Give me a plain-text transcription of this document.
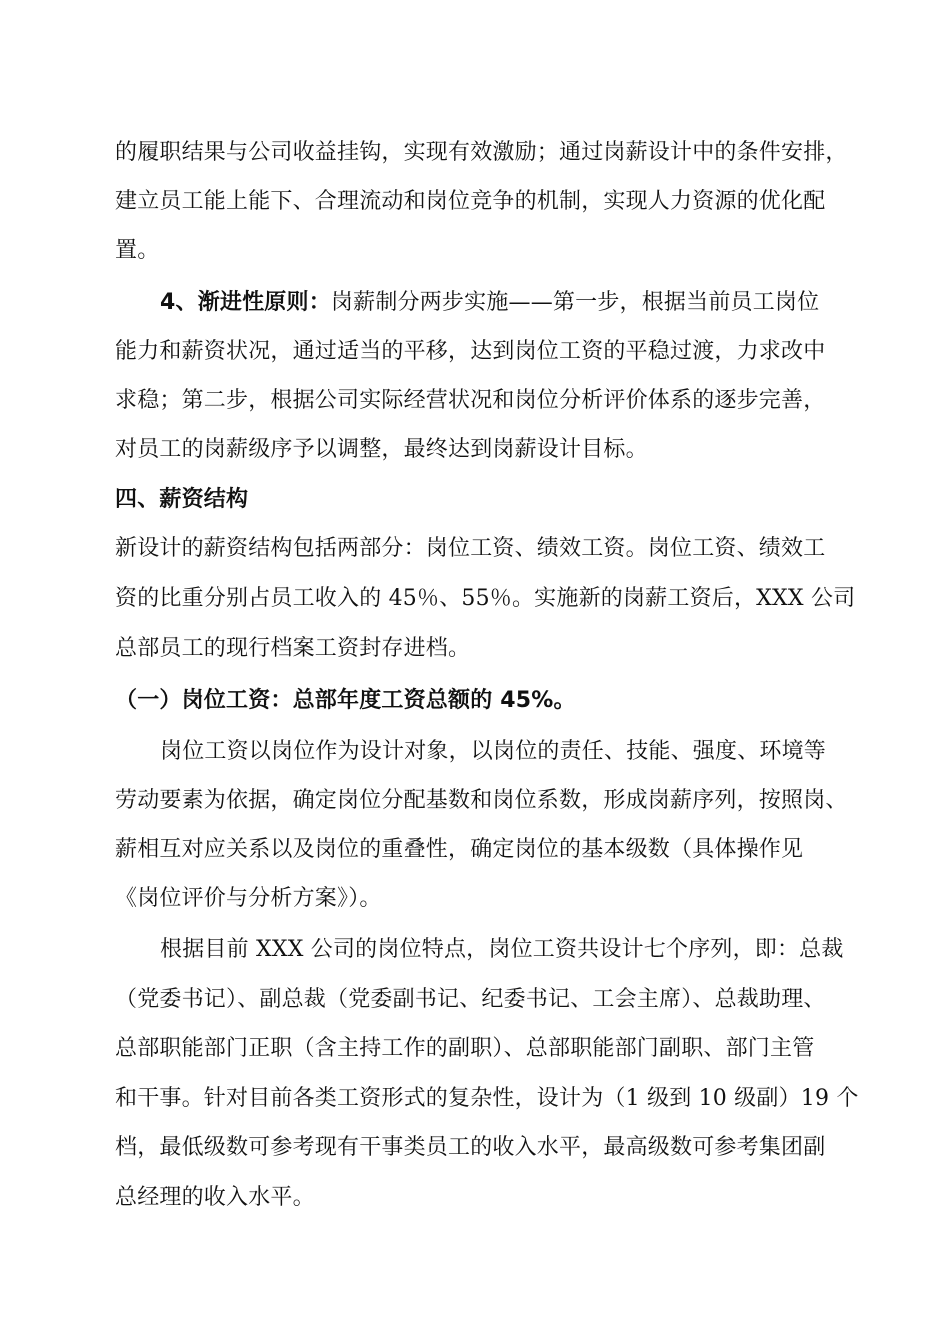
的履职结果与公司收益挂钩，实现有效激励；通过岗薪设计中的条件安排，
建立员工能上能下、合理流动和岗位竞争的机制，实现人力资源的优化配
置。
4、渐进性原则：岗薪制分两步实施——第一步，根据当前员工岗位
能力和薪资状况，通过适当的平移，达到岗位工资的平稳过渡，力求改中
求稳；第二步，根据公司实际经营状况和岗位分析评价体系的逐步完善，
对员工的岗薪级序予以调整，最终达到岗薪设计目标。
四、薪资结构
新设计的薪资结构包括两部分：岗位工资、绩效工资。岗位工资、绩效工
资的比重分别占员工收入的 45％、55％。实施新的岗薪工资后，XXX 公司
总部员工的现行档案工资封存进档。
（一）岗位工资：总部年度工资总额的 45%。
岗位工资以岗位作为设计对象，以岗位的责任、技能、强度、环境等
劳动要素为依据，确定岗位分配基数和岗位系数，形成岗薪序列，按照岗、
薪相互对应关系以及岗位的重叠性，确定岗位的基本级数（具体操作见
《岗位评价与分析方案》）。
根据目前 XXX 公司的岗位特点，岗位工资共设计七个序列，即：总裁
（党委书记）、副总裁（党委副书记、纪委书记、工会主席）、总裁助理、
总部职能部门正职（含主持工作的副职）、总部职能部门副职、部门主管
和干事。针对目前各类工资形式的复杂性，设计为（1 级到 10 级副）19 个
档，最低级数可参考现有干事类员工的收入水平，最高级数可参考集团副
总经理的收入水平。
